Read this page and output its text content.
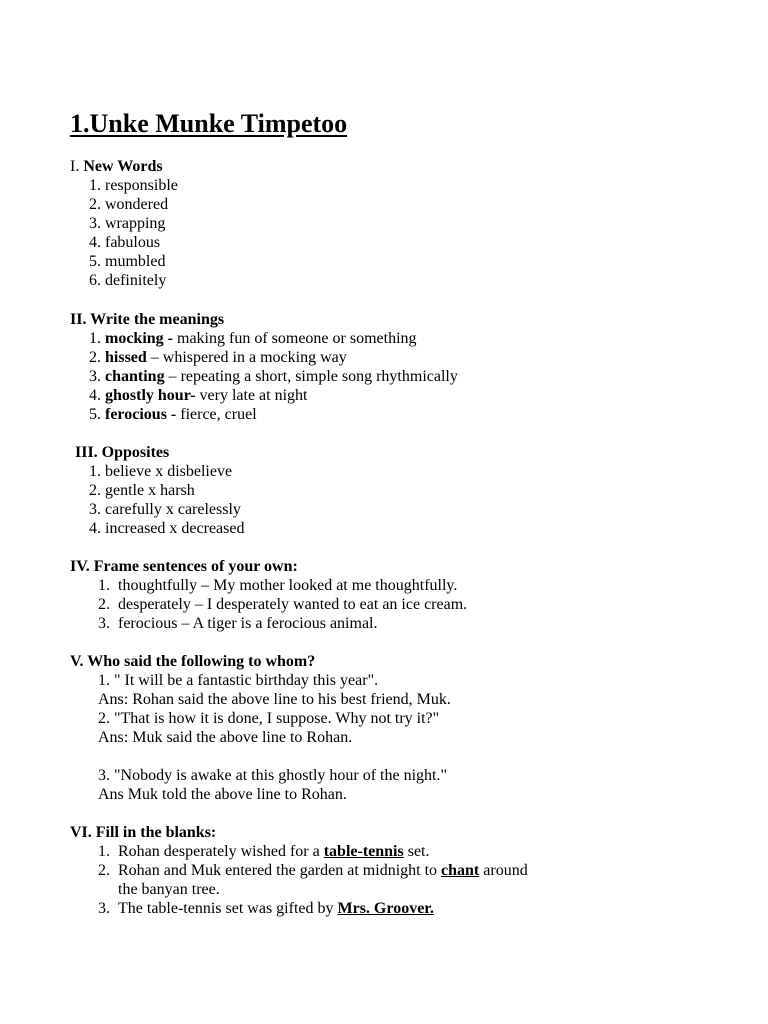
1.Unke Munke Timpetoo
I. New Words
1. responsible
2. wondered
3. wrapping
4. fabulous
5. mumbled
6. definitely
II. Write the meanings
1. mocking - making fun of someone or something
2. hissed – whispered in a mocking way
3. chanting – repeating a short, simple song rhythmically
4. ghostly hour- very late at night
5. ferocious - fierce, cruel
III. Opposites
1. believe x disbelieve
2. gentle x harsh
3. carefully x carelessly
4. increased x decreased
IV. Frame sentences of your own:
1. thoughtfully – My mother looked at me thoughtfully.
2. desperately – I desperately wanted to eat an ice cream.
3. ferocious – A tiger is a ferocious animal.
V. Who said the following to whom?
1. " It will be a fantastic birthday this year".
Ans: Rohan said the above line to his best friend, Muk.
2. "That is how it is done, I suppose. Why not try it?"
Ans: Muk said the above line to Rohan.
3. "Nobody is awake at this ghostly hour of the night."
Ans Muk told the above line to Rohan.
VI. Fill in the blanks:
1. Rohan desperately wished for a table-tennis set.
2. Rohan and Muk entered the garden at midnight to chant around
the banyan tree.
3. The table-tennis set was gifted by Mrs. Groover.
